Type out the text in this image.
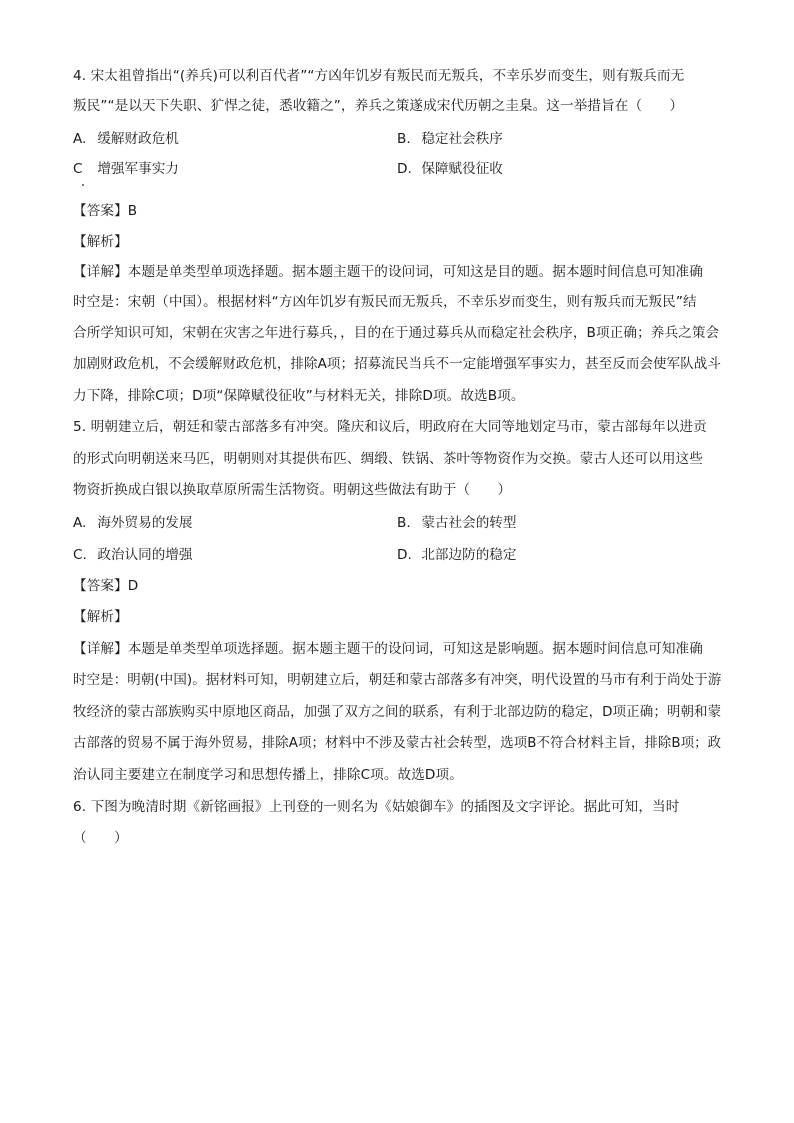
4. 宋太祖曾指出“(养兵)可以利百代者”“方凶年饥岁有叛民而无叛兵，不幸乐岁而变生，则有叛兵而无
叛民”“是以天下失职、犷悍之徒，悉收籍之”，养兵之策遂成宋代历朝之圭臬。这一举措旨在（　　）
A. 缓解财政危机	B. 稳定社会秩序
C 增强军事实力	D. 保障赋役征收
【答案】B
【解析】
【详解】本题是单类型单项选择题。据本题主题干的设问词，可知这是目的题。据本题时间信息可知准确
时空是：宋朝（中国）。根据材料“方凶年饥岁有叛民而无叛兵，不幸乐岁而变生，则有叛兵而无叛民”结
合所学知识可知，宋朝在灾害之年进行募兵，，目的在于通过募兵从而稳定社会秩序，B项正确；养兵之策会
加剧财政危机，不会缓解财政危机，排除A项；招募流民当兵不一定能增强军事实力，甚至反而会使军队战斗
力下降，排除C项；D项“保障赋役征收”与材料无关，排除D项。故选B项。
5. 明朝建立后，朝廷和蒙古部落多有冲突。隆庆和议后，明政府在大同等地划定马市，蒙古部每年以进贡
的形式向明朝送来马匹，明朝则对其提供布匹、绸缎、铁锅、茶叶等物资作为交换。蒙古人还可以用这些
物资折换成白银以换取草原所需生活物资。明朝这些做法有助于（　　）
A. 海外贸易的发展	B. 蒙古社会的转型
C. 政治认同的增强	D. 北部边防的稳定
【答案】D
【解析】
【详解】本题是单类型单项选择题。据本题主题干的设问词，可知这是影响题。据本题时间信息可知准确
时空是：明朝(中国)。据材料可知，明朝建立后，朝廷和蒙古部落多有冲突，明代设置的马市有利于尚处于游
牧经济的蒙古部族购买中原地区商品，加强了双方之间的联系，有利于北部边防的稳定，D项正确；明朝和蒙
古部落的贸易不属于海外贸易，排除A项；材料中不涉及蒙古社会转型，选项B不符合材料主旨，排除B项；政
治认同主要建立在制度学习和思想传播上，排除C项。故选D项。
6. 下图为晚清时期《新铭画报》上刊登的一则名为《姑娘御车》的插图及文字评论。据此可知，当时
（　　）
